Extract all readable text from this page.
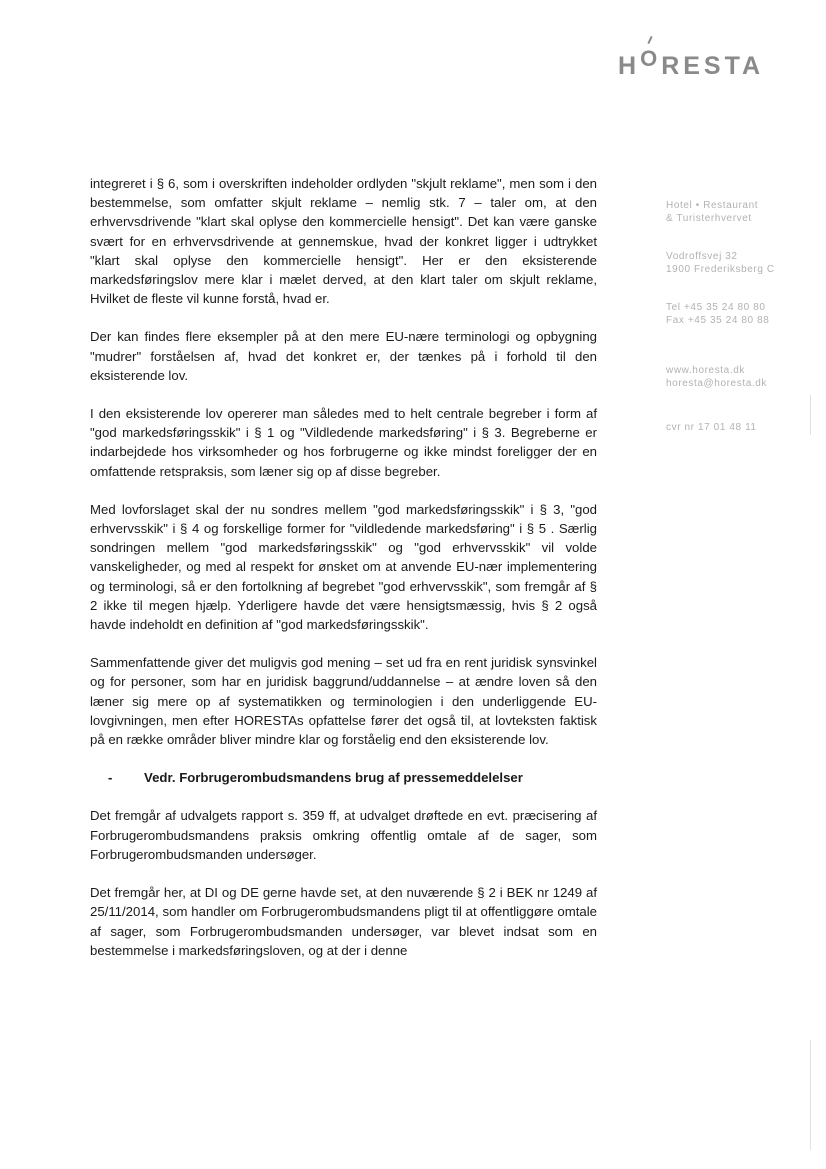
HORESTA
Hotel • Restaurant
& Turisterhvervet
Vodroffsvej 32
1900 Frederiksberg C
Tel +45 35 24 80 80
Fax +45 35 24 80 88
www.horesta.dk
horesta@horesta.dk
cvr nr 17 01 48 11

integreret i § 6, som i overskriften indeholder ordlyden "skjult reklame", men som i den bestemmelse, som omfatter skjult reklame – nemlig stk. 7 – taler om, at den erhvervsdrivende "klart skal oplyse den kommercielle hensigt". Det kan være ganske svært for en erhvervsdrivende at gennemskue, hvad der konkret ligger i udtrykket "klart skal oplyse den kommercielle hensigt". Her er den eksisterende markedsføringslov mere klar i mælet derved, at den klart taler om skjult reklame, Hvilket de fleste vil kunne forstå, hvad er.

Der kan findes flere eksempler på at den mere EU-nære terminologi og opbygning "mudrer" forståelsen af, hvad det konkret er, der tænkes på i forhold til den eksisterende lov.

I den eksisterende lov opererer man således med to helt centrale begreber i form af "god markedsføringsskik" i § 1 og "Vildledende markedsføring" i § 3. Begreberne er indarbejdede hos virksomheder og hos forbrugerne og ikke mindst foreligger der en omfattende retspraksis, som læner sig op af disse begreber.

Med lovforslaget skal der nu sondres mellem "god markedsføringsskik" i § 3, "god erhvervsskik" i § 4 og forskellige former for "vildledende markedsføring" i § 5 . Særlig sondringen mellem "god markedsføringsskik" og "god erhvervsskik" vil volde vanskeligheder, og med al respekt for ønsket om at anvende EU-nær implementering og terminologi, så er den fortolkning af begrebet "god erhvervsskik", som fremgår af § 2 ikke til megen hjælp. Yderligere havde det være hensigtsmæssig, hvis § 2 også havde indeholdt en definition af "god markedsføringsskik".

Sammenfattende giver det muligvis god mening – set ud fra en rent juridisk synsvinkel og for personer, som har en juridisk baggrund/uddannelse – at ændre loven så den læner sig mere op af systematikken og terminologien i den underliggende EU-lovgivningen, men efter HORESTAs opfattelse fører det også til, at lovteksten faktisk på en række områder bliver mindre klar og forståelig end den eksisterende lov.

-	Vedr. Forbrugerombudsmandens brug af pressemeddelelser

Det fremgår af udvalgets rapport s. 359 ff, at udvalget drøftede en evt. præcisering af Forbrugerombudsmandens praksis omkring offentlig omtale af de sager, som Forbrugerombudsmanden undersøger.

Det fremgår her, at DI og DE gerne havde set, at den nuværende § 2 i BEK nr 1249 af 25/11/2014, som handler om Forbrugerombudsmandens pligt til at offentliggøre omtale af sager, som Forbrugerombudsmanden undersøger, var blevet indsat som en bestemmelse i markedsføringsloven, og at der i denne
